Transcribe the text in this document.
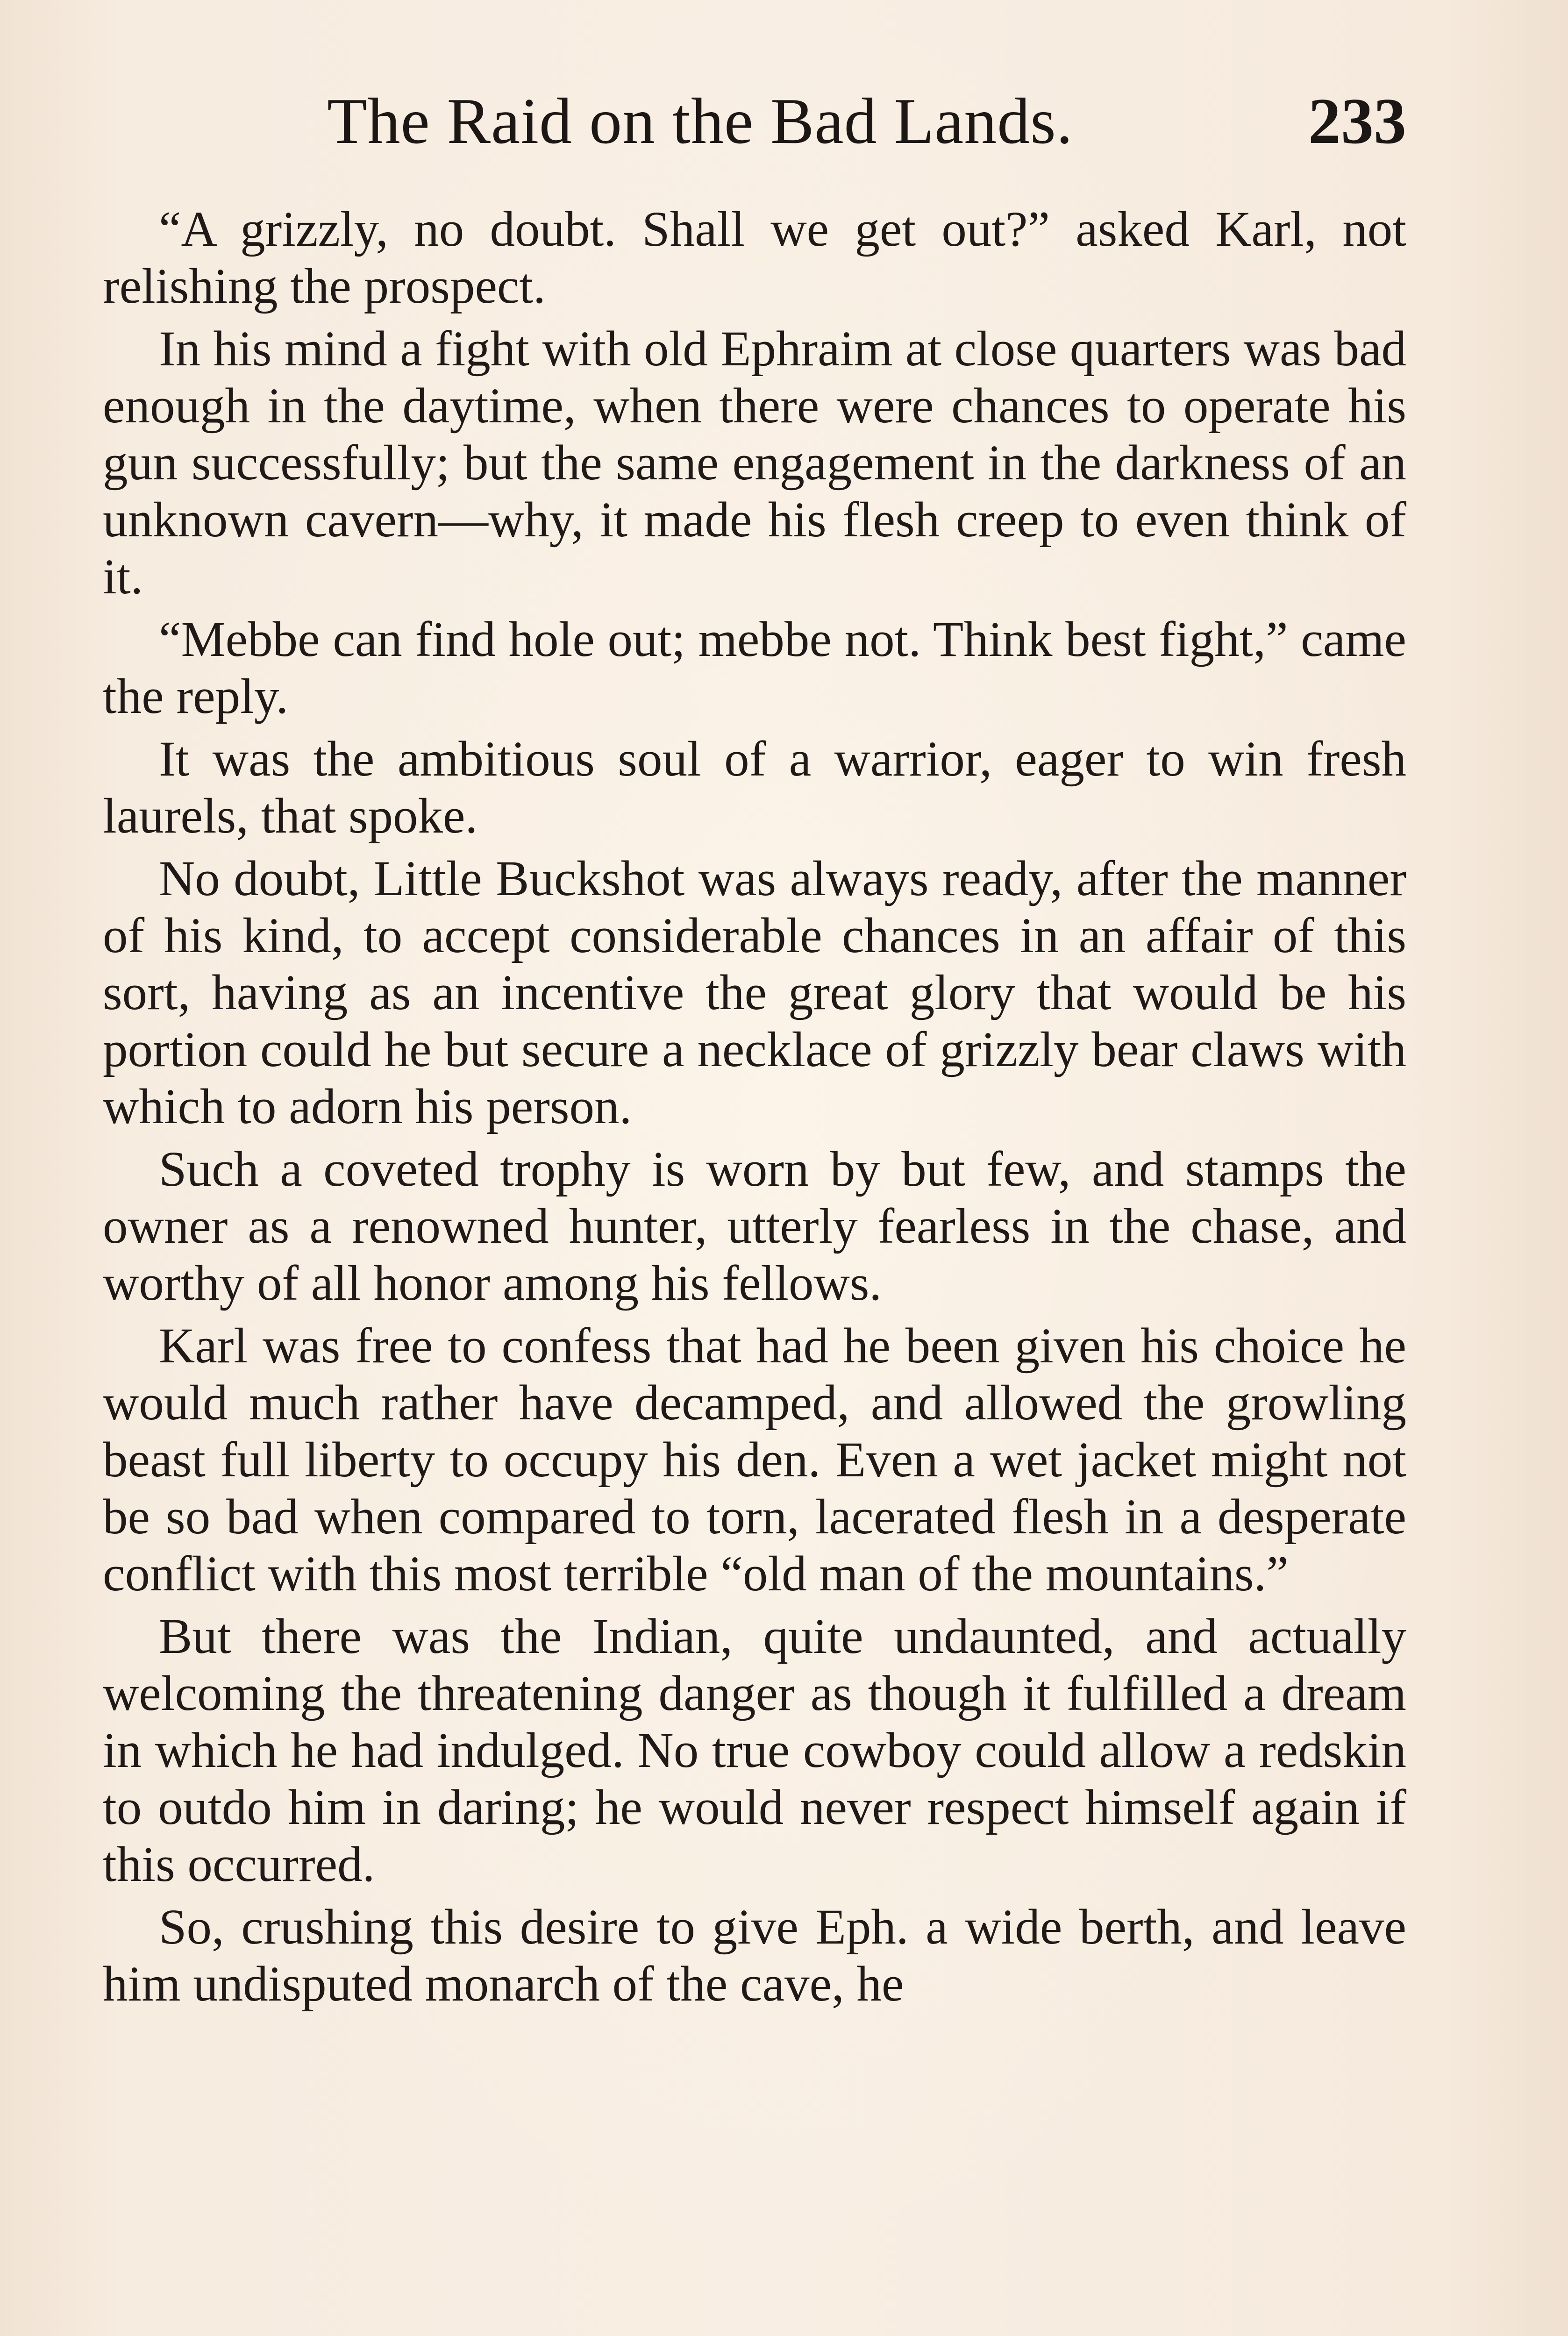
The Raid on the Bad Lands.	233

“A grizzly, no doubt. Shall we get out?” asked Karl, not relishing the prospect.

In his mind a fight with old Ephraim at close quarters was bad enough in the daytime, when there were chances to operate his gun successfully; but the same engagement in the darkness of an unknown cavern—why, it made his flesh creep to even think of it.

“Mebbe can find hole out; mebbe not. Think best fight,” came the reply.

It was the ambitious soul of a warrior, eager to win fresh laurels, that spoke.

No doubt, Little Buckshot was always ready, after the manner of his kind, to accept considerable chances in an affair of this sort, having as an incentive the great glory that would be his portion could he but secure a necklace of grizzly bear claws with which to adorn his person.

Such a coveted trophy is worn by but few, and stamps the owner as a renowned hunter, utterly fearless in the chase, and worthy of all honor among his fellows.

Karl was free to confess that had he been given his choice he would much rather have decamped, and allowed the growling beast full liberty to occupy his den. Even a wet jacket might not be so bad when compared to torn, lacerated flesh in a desperate conflict with this most terrible “old man of the mountains.”

But there was the Indian, quite undaunted, and actually welcoming the threatening danger as though it fulfilled a dream in which he had indulged. No true cowboy could allow a redskin to outdo him in daring; he would never respect himself again if this occurred.

So, crushing this desire to give Eph. a wide berth, and leave him undisputed monarch of the cave, he
